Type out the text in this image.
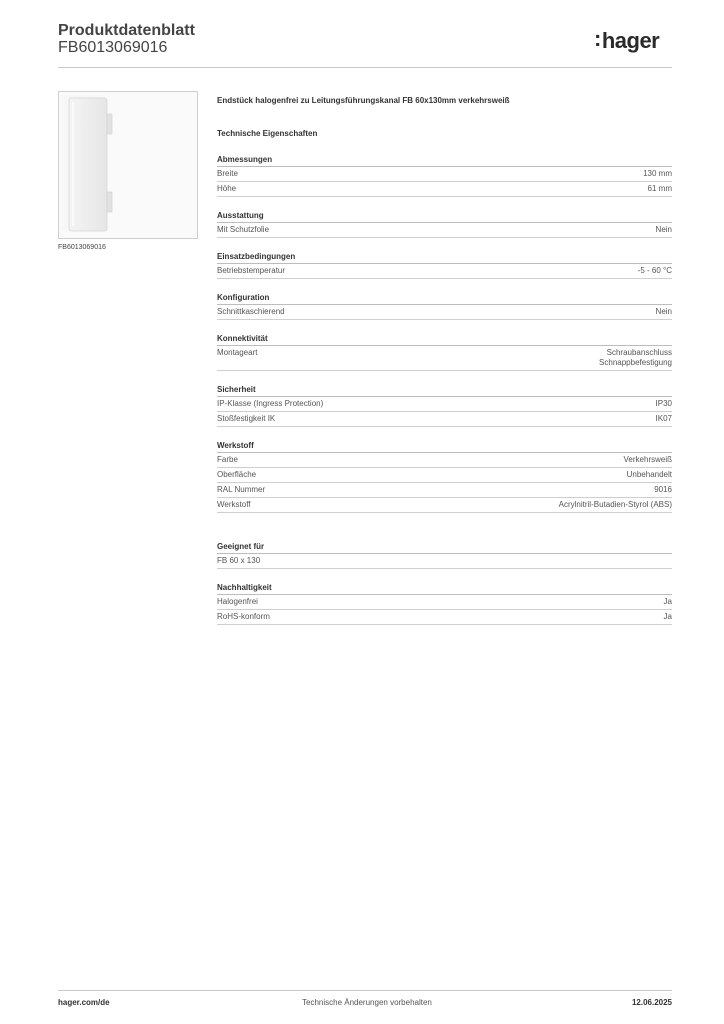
Produktdatenblatt
FB6013069016	:hager
FB6013069016
Endstück halogenfrei zu Leitungsführungskanal FB 60x130mm verkehrsweiß
Technische Eigenschaften
Abmessungen
Breite	130 mm
Höhe	61 mm
Ausstattung
Mit Schutzfolie	Nein
Einsatzbedingungen
Betriebstemperatur	-5 - 60 °C
Konfiguration
Schnittkaschierend	Nein
Konnektivität
Montageart	Schraubanschluss
Schnappbefestigung
Sicherheit
IP-Klasse (Ingress Protection)	IP30
Stoßfestigkeit IK	IK07
Werkstoff
Farbe	Verkehrsweiß
Oberfläche	Unbehandelt
RAL Nummer	9016
Werkstoff	Acrylnitril-Butadien-Styrol (ABS)
Geeignet für
FB 60 x 130
Nachhaltigkeit
Halogenfrei	Ja
RoHS-konform	Ja
hager.com/de	Technische Änderungen vorbehalten	12.06.2025
